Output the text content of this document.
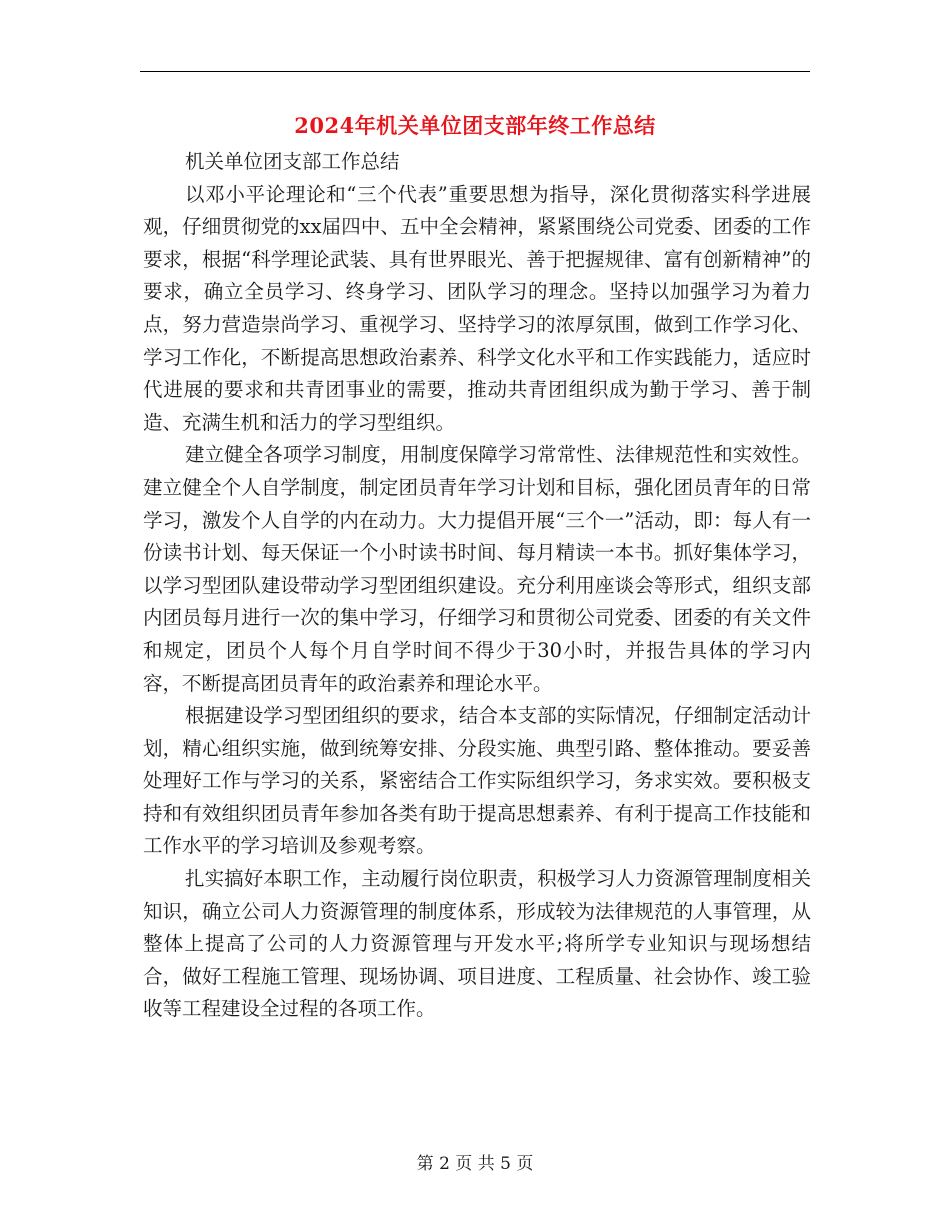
2024年机关单位团支部年终工作总结

机关单位团支部工作总结

以邓小平论理论和“三个代表”重要思想为指导，深化贯彻落实科学进展观，仔细贯彻党的xx届四中、五中全会精神，紧紧围绕公司党委、团委的工作要求，根据“科学理论武装、具有世界眼光、善于把握规律、富有创新精神”的要求，确立全员学习、终身学习、团队学习的理念。坚持以加强学习为着力点，努力营造崇尚学习、重视学习、坚持学习的浓厚氛围，做到工作学习化、学习工作化，不断提高思想政治素养、科学文化水平和工作实践能力，适应时代进展的要求和共青团事业的需要，推动共青团组织成为勤于学习、善于制造、充满生机和活力的学习型组织。

建立健全各项学习制度，用制度保障学习常常性、法律规范性和实效性。建立健全个人自学制度，制定团员青年学习计划和目标，强化团员青年的日常学习，激发个人自学的内在动力。大力提倡开展“三个一”活动，即：每人有一份读书计划、每天保证一个小时读书时间、每月精读一本书。抓好集体学习，以学习型团队建设带动学习型团组织建设。充分利用座谈会等形式，组织支部内团员每月进行一次的集中学习，仔细学习和贯彻公司党委、团委的有关文件和规定，团员个人每个月自学时间不得少于30小时，并报告具体的学习内容，不断提高团员青年的政治素养和理论水平。

根据建设学习型团组织的要求，结合本支部的实际情况，仔细制定活动计划，精心组织实施，做到统筹安排、分段实施、典型引路、整体推动。要妥善处理好工作与学习的关系，紧密结合工作实际组织学习，务求实效。要积极支持和有效组织团员青年参加各类有助于提高思想素养、有利于提高工作技能和工作水平的学习培训及参观考察。

扎实搞好本职工作，主动履行岗位职责，积极学习人力资源管理制度相关知识，确立公司人力资源管理的制度体系，形成较为法律规范的人事管理，从整体上提高了公司的人力资源管理与开发水平;将所学专业知识与现场想结合，做好工程施工管理、现场协调、项目进度、工程质量、社会协作、竣工验收等工程建设全过程的各项工作。

第 2 页 共 5 页
